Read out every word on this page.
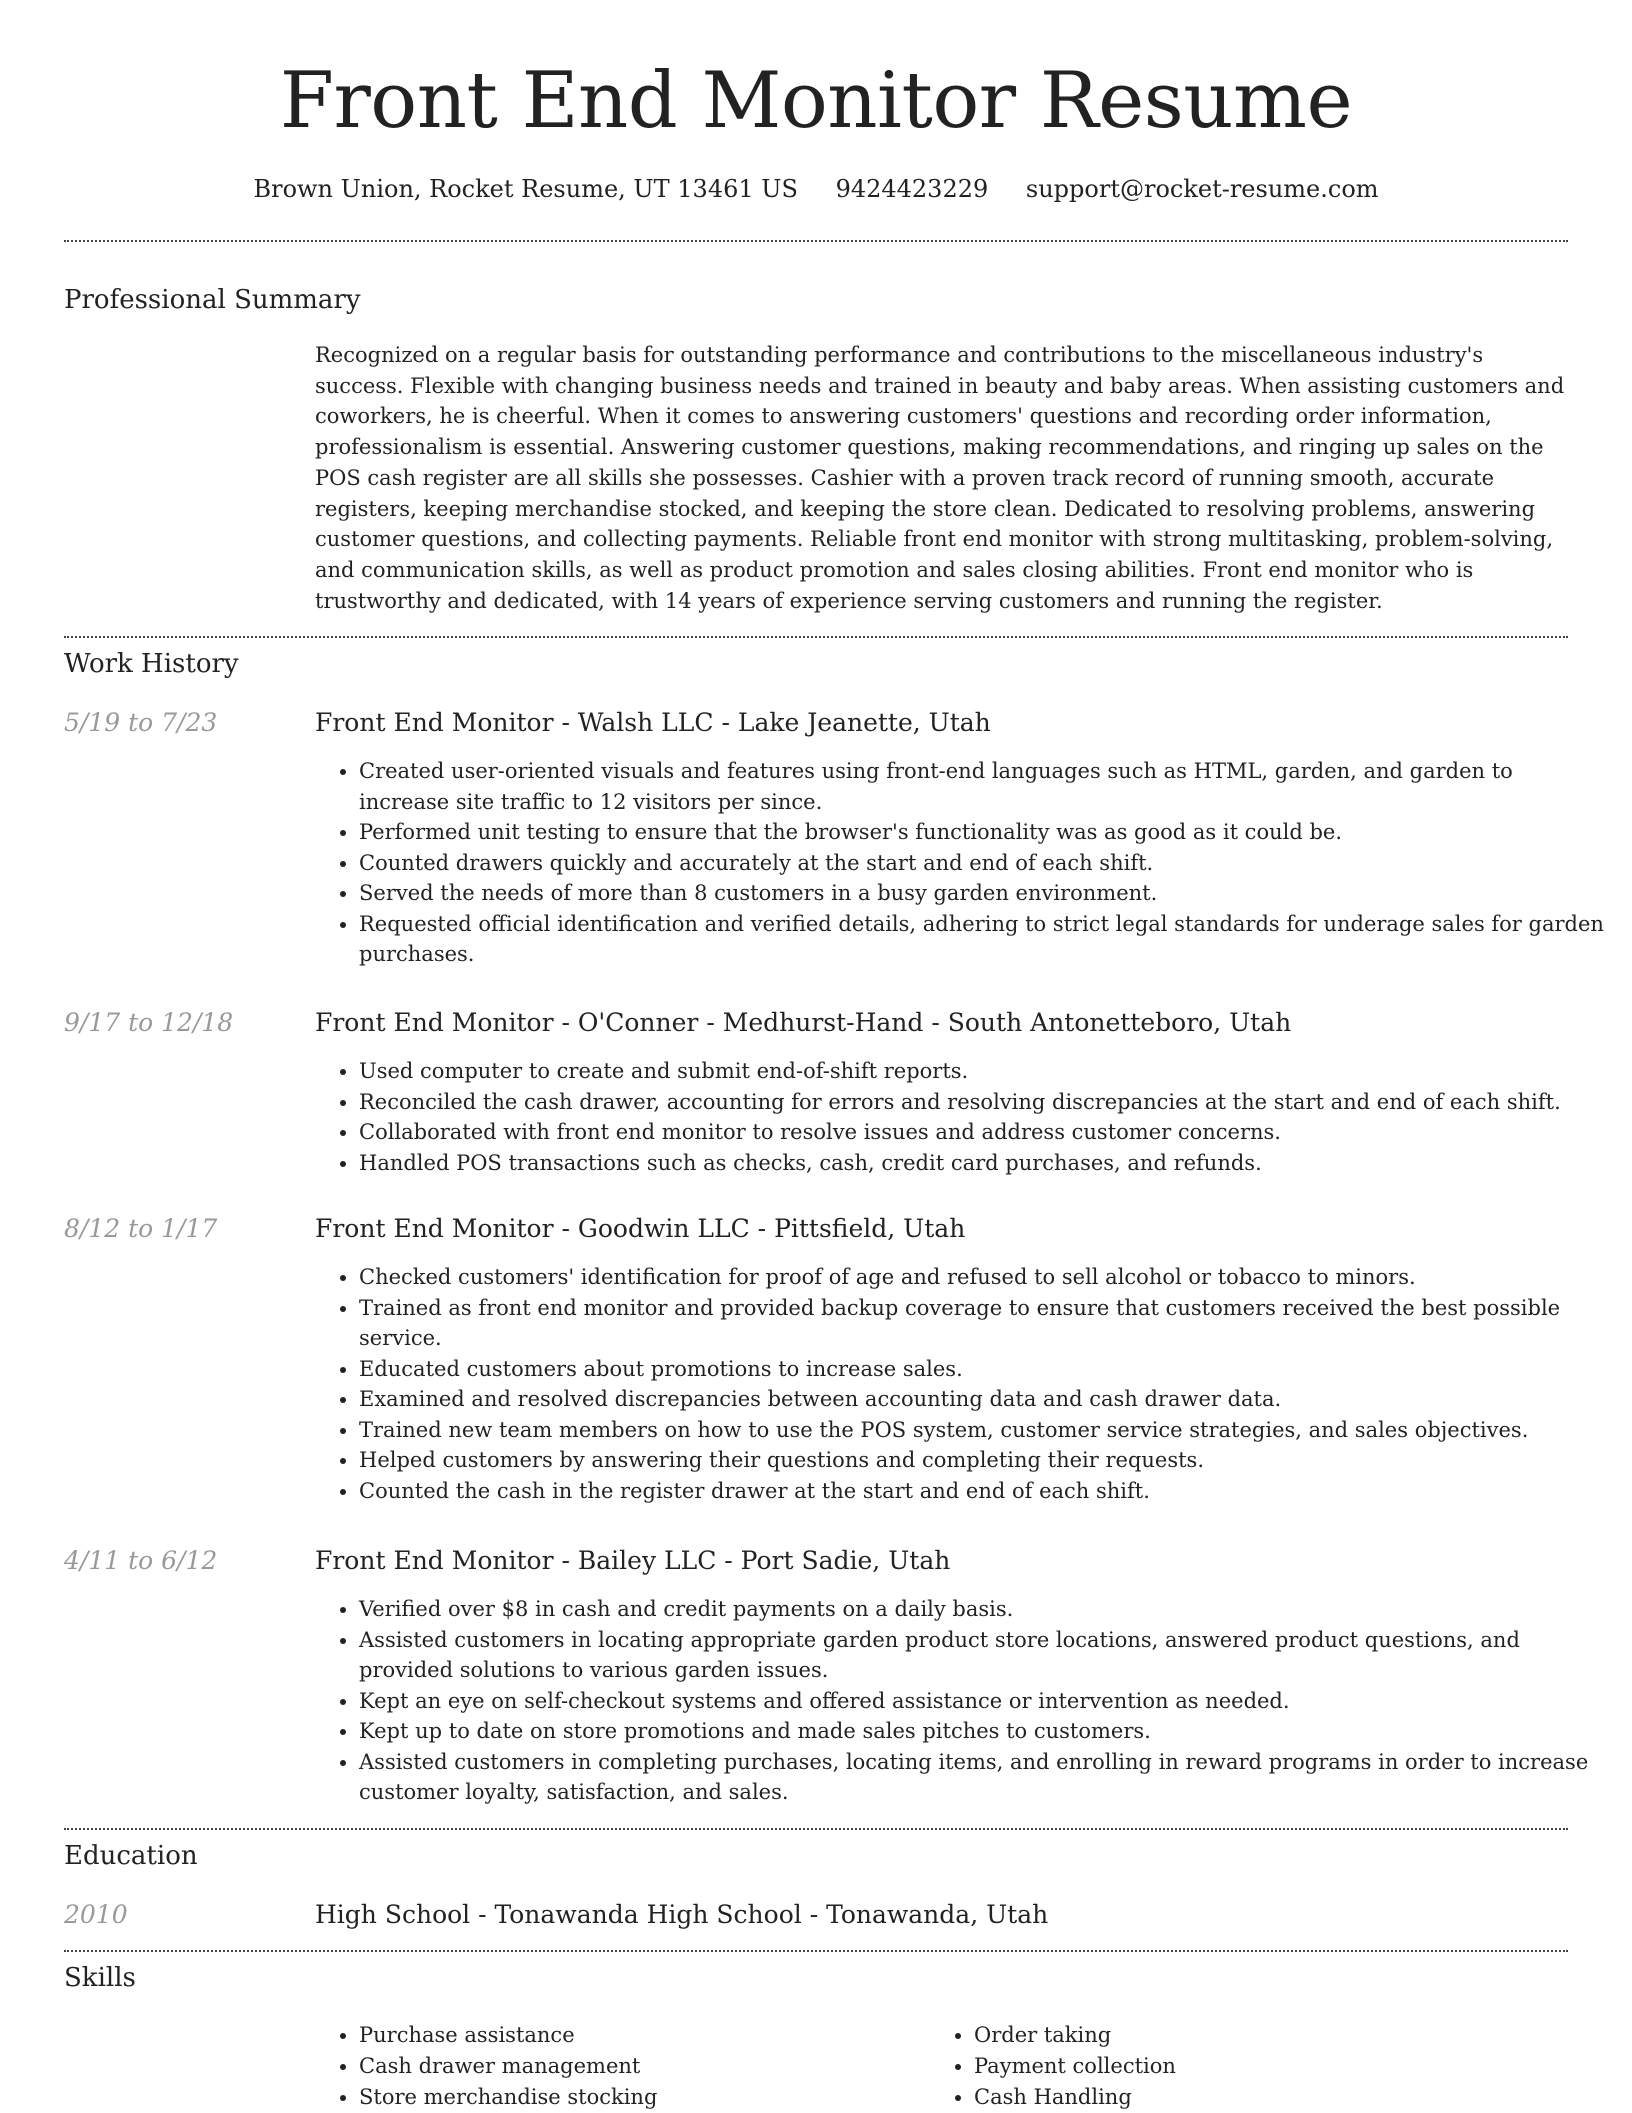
Front End Monitor Resume
Brown Union, Rocket Resume, UT 13461 US 9424423229 support@rocket-resume.com
Professional Summary

Recognized on a regular basis for outstanding performance and contributions to the miscellaneous industry's success. Flexible with changing business needs and trained in beauty and baby areas. When assisting customers and coworkers, he is cheerful. When it comes to answering customers' questions and recording order information, professionalism is essential. Answering customer questions, making recommendations, and ringing up sales on the POS cash register are all skills she possesses. Cashier with a proven track record of running smooth, accurate registers, keeping merchandise stocked, and keeping the store clean. Dedicated to resolving problems, answering customer questions, and collecting payments. Reliable front end monitor with strong multitasking, problem-solving, and communication skills, as well as product promotion and sales closing abilities. Front end monitor who is trustworthy and dedicated, with 14 years of experience serving customers and running the register.

Work History
5/19 to 7/23	Front End Monitor - Walsh LLC - Lake Jeanette, Utah
• Created user-oriented visuals and features using front-end languages such as HTML, garden, and garden to increase site traffic to 12 visitors per since.
• Performed unit testing to ensure that the browser's functionality was as good as it could be.
• Counted drawers quickly and accurately at the start and end of each shift.
• Served the needs of more than 8 customers in a busy garden environment.
• Requested official identification and verified details, adhering to strict legal standards for underage sales for garden purchases.
9/17 to 12/18	Front End Monitor - O'Conner - Medhurst-Hand - South Antonetteboro, Utah
• Used computer to create and submit end-of-shift reports.
• Reconciled the cash drawer, accounting for errors and resolving discrepancies at the start and end of each shift.
• Collaborated with front end monitor to resolve issues and address customer concerns.
• Handled POS transactions such as checks, cash, credit card purchases, and refunds.
8/12 to 1/17	Front End Monitor - Goodwin LLC - Pittsfield, Utah
• Checked customers' identification for proof of age and refused to sell alcohol or tobacco to minors.
• Trained as front end monitor and provided backup coverage to ensure that customers received the best possible service.
• Educated customers about promotions to increase sales.
• Examined and resolved discrepancies between accounting data and cash drawer data.
• Trained new team members on how to use the POS system, customer service strategies, and sales objectives.
• Helped customers by answering their questions and completing their requests.
• Counted the cash in the register drawer at the start and end of each shift.
4/11 to 6/12	Front End Monitor - Bailey LLC - Port Sadie, Utah
• Verified over $8 in cash and credit payments on a daily basis.
• Assisted customers in locating appropriate garden product store locations, answered product questions, and provided solutions to various garden issues.
• Kept an eye on self-checkout systems and offered assistance or intervention as needed.
• Kept up to date on store promotions and made sales pitches to customers.
• Assisted customers in completing purchases, locating items, and enrolling in reward programs in order to increase customer loyalty, satisfaction, and sales.
Education
2010	High School - Tonawanda High School - Tonawanda, Utah
Skills
• Purchase assistance
• Cash drawer management
• Store merchandise stocking
• Order taking
• Payment collection
• Cash Handling
